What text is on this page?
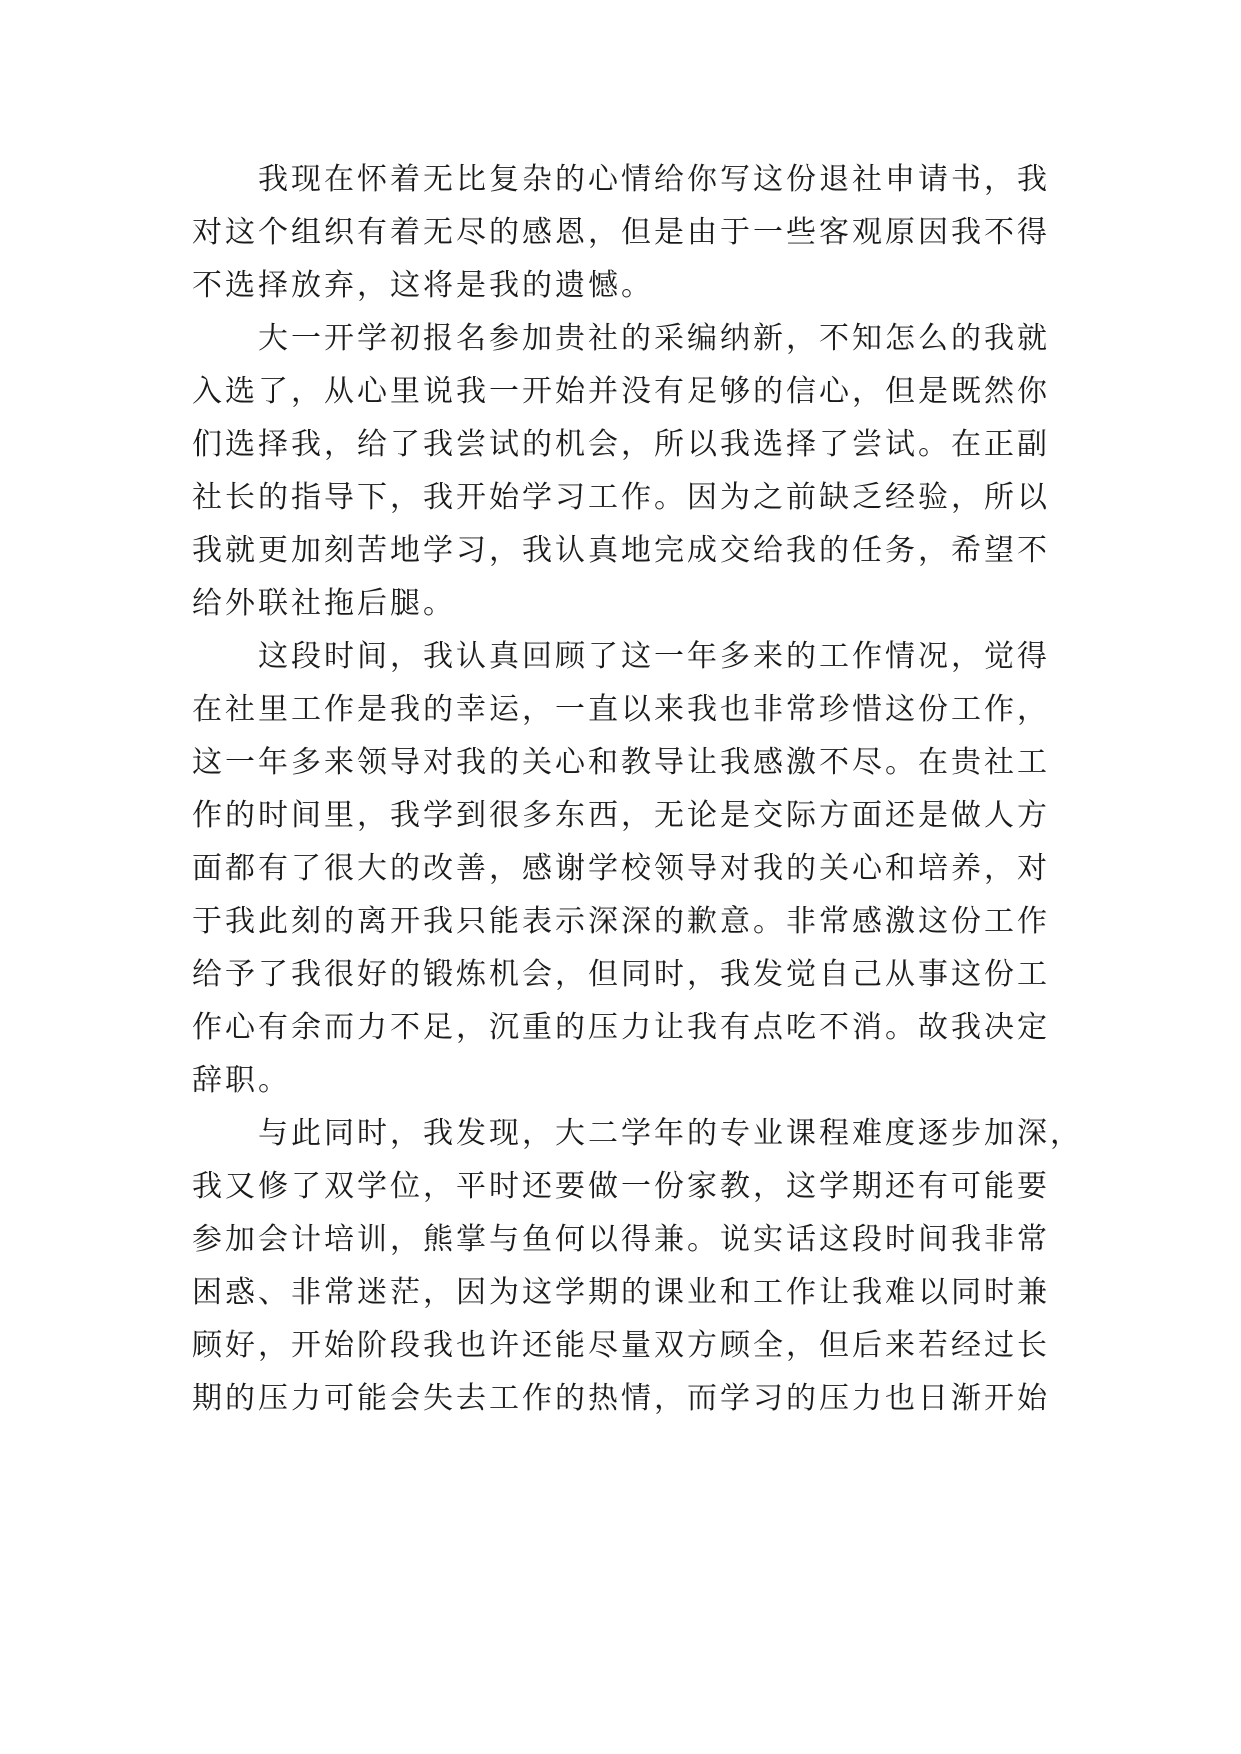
我现在怀着无比复杂的心情给你写这份退社申请书，我
对这个组织有着无尽的感恩，但是由于一些客观原因我不得
不选择放弃，这将是我的遗憾。
大一开学初报名参加贵社的采编纳新，不知怎么的我就
入选了，从心里说我一开始并没有足够的信心，但是既然你
们选择我，给了我尝试的机会，所以我选择了尝试。在正副
社长的指导下，我开始学习工作。因为之前缺乏经验，所以
我就更加刻苦地学习，我认真地完成交给我的任务，希望不
给外联社拖后腿。
这段时间，我认真回顾了这一年多来的工作情况，觉得
在社里工作是我的幸运，一直以来我也非常珍惜这份工作，
这一年多来领导对我的关心和教导让我感激不尽。在贵社工
作的时间里，我学到很多东西，无论是交际方面还是做人方
面都有了很大的改善，感谢学校领导对我的关心和培养，对
于我此刻的离开我只能表示深深的歉意。非常感激这份工作
给予了我很好的锻炼机会，但同时，我发觉自己从事这份工
作心有余而力不足，沉重的压力让我有点吃不消。故我决定
辞职。
与此同时，我发现，大二学年的专业课程难度逐步加深，
我又修了双学位，平时还要做一份家教，这学期还有可能要
参加会计培训，熊掌与鱼何以得兼。说实话这段时间我非常
困惑、非常迷茫，因为这学期的课业和工作让我难以同时兼
顾好，开始阶段我也许还能尽量双方顾全，但后来若经过长
期的压力可能会失去工作的热情，而学习的压力也日渐开始
